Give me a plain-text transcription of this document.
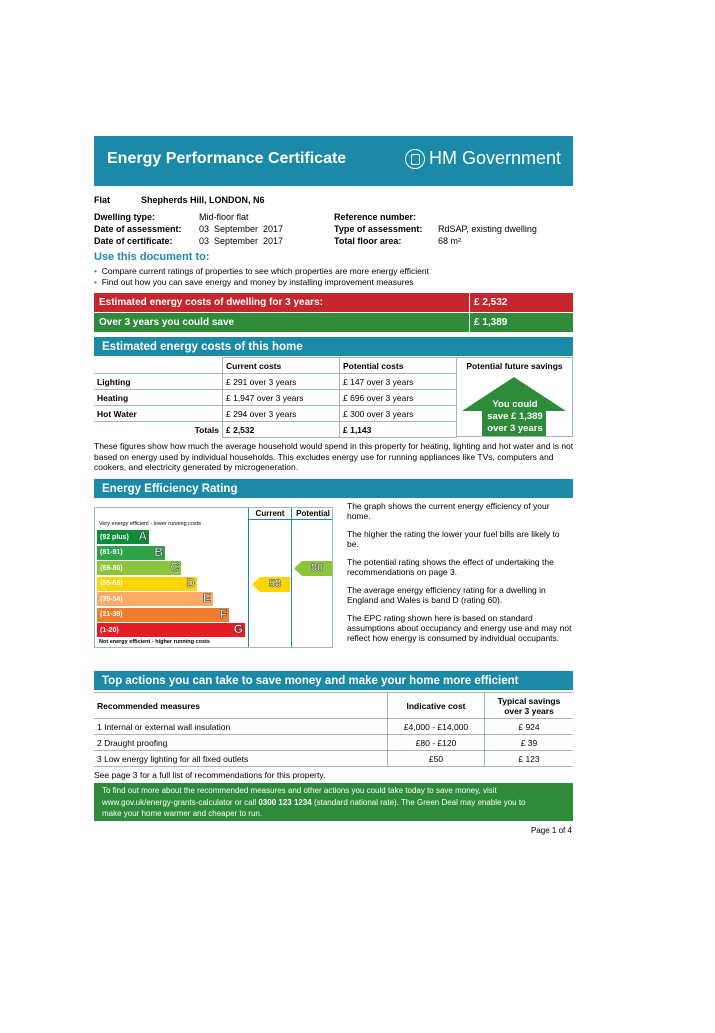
Energy Performance Certificate	HM Government
Flat	Shepherds Hill, LONDON, N6
Dwelling type:	Mid-floor flat
Date of assessment: 03  September  2017
Date of certificate:	03  September  2017
Reference number:
Type of assessment: RdSAP, existing dwelling
Total floor area:	68 m²
Use this document to:
• Compare current ratings of properties to see which properties are more energy efficient
• Find out how you can save energy and money by installing improvement measures
Estimated energy costs of dwelling for 3 years:	£ 2,532
Over 3 years you could save	£ 1,389
Estimated energy costs of this home
	Current costs	Potential costs
Lighting	£ 291 over 3 years	£ 147 over 3 years
Heating	£ 1,947 over 3 years	£ 696 over 3 years
Hot Water	£ 294 over 3 years	£ 300 over 3 years
Totals	£ 2,532	£ 1,143
Potential future savings
You could
save £ 1,389
over 3 years
These figures show how much the average household would spend in this property for heating, lighting and hot water and is not based on energy used by individual households. This excludes energy use for running appliances like TVs, computers and cookers, and electricity generated by microgeneration.
Energy Efficiency Rating
Current	Potential
Very energy efficient - lower running costs
(92 plus) A
(81-91)	B
(69-80)	C
(55-68)	D
(39-54)	E
(21-38)	F
(1-20)	G
Not energy efficient - higher running costs
58
80

The graph shows the current energy efficiency of your home.

The higher the rating the lower your fuel bills are likely to be.

The potential rating shows the effect of undertaking the recommendations on page 3.

The average energy efficiency rating for a dwelling in England and Wales is band D (rating 60).

The EPC rating shown here is based on standard assumptions about occupancy and energy use and may not reflect how energy is consumed by individual occupants.

Top actions you can take to save money and make your home more efficient
Recommended measures	Indicative cost	Typical savings over 3 years
1 Internal or external wall insulation	£4,000 - £14,000	£ 924
2 Draught proofing	£80 - £120	£ 39
3 Low energy lighting for all fixed outlets	£50	£ 123
See page 3 for a full list of recommendations for this property.
To find out more about the recommended measures and other actions you could take today to save money, visit
www.gov.uk/energy-grants-calculator or call 0300 123 1234 (standard national rate). The Green Deal may enable you to
make your home warmer and cheaper to run.
Page 1 of 4
